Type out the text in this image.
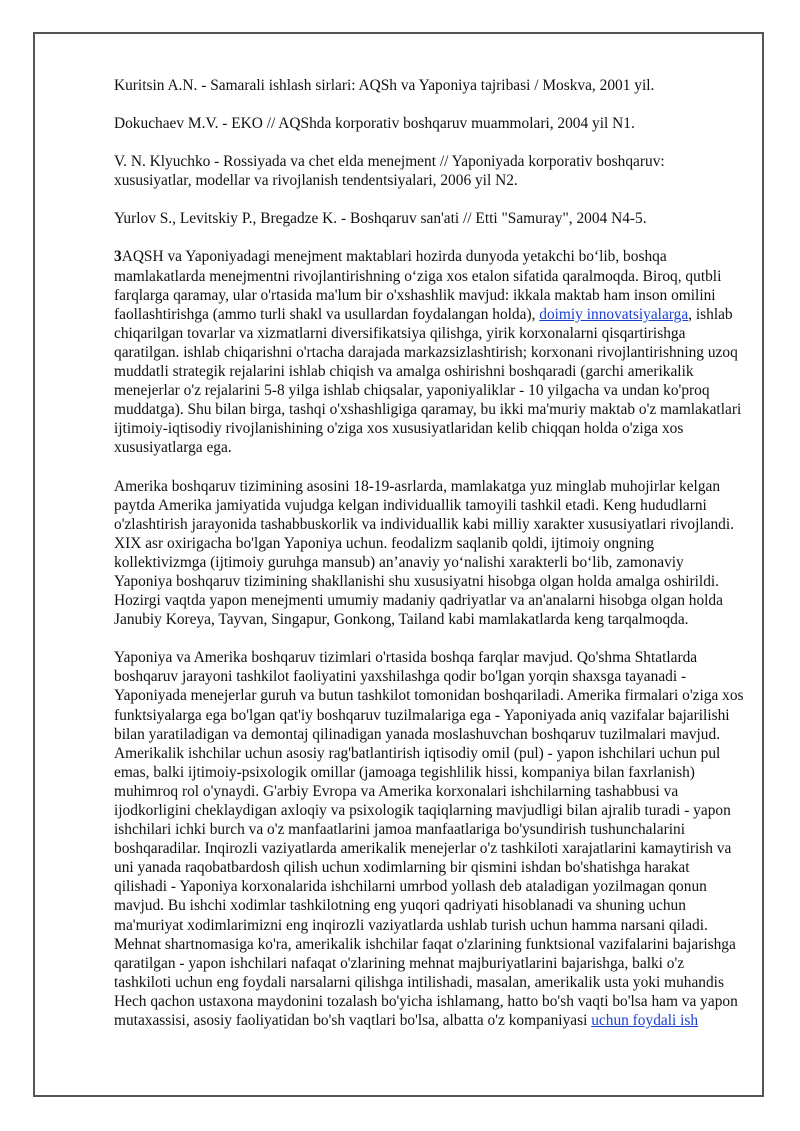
Kuritsin A.N. - Samarali ishlash sirlari: AQSh va Yaponiya tajribasi / Moskva, 2001 yil.

Dokuchaev M.V. - EKO // AQShda korporativ boshqaruv muammolari, 2004 yil N1.

V. N. Klyuchko - Rossiyada va chet elda menejment // Yaponiyada korporativ boshqaruv: xususiyatlar, modellar va rivojlanish tendentsiyalari, 2006 yil N2.

Yurlov S., Levitskiy P., Bregadze K. - Boshqaruv san'ati // Etti "Samuray", 2004 N4-5.

3AQSH va Yaponiyadagi menejment maktablari hozirda dunyoda yetakchi bo‘lib, boshqa mamlakatlarda menejmentni rivojlantirishning o‘ziga xos etalon sifatida qaralmoqda. Biroq, qutbli farqlarga qaramay, ular o'rtasida ma'lum bir o'xshashlik mavjud: ikkala maktab ham inson omilini faollashtirishga (ammo turli shakl va usullardan foydalangan holda), doimiy innovatsiyalarga, ishlab chiqarilgan tovarlar va xizmatlarni diversifikatsiya qilishga, yirik korxonalarni qisqartirishga qaratilgan. ishlab chiqarishni o'rtacha darajada markazsizlashtirish; korxonani rivojlantirishning uzoq muddatli strategik rejalarini ishlab chiqish va amalga oshirishni boshqaradi (garchi amerikalik menejerlar o'z rejalarini 5-8 yilga ishlab chiqsalar, yaponiyaliklar - 10 yilgacha va undan ko'proq muddatga). Shu bilan birga, tashqi o'xshashligiga qaramay, bu ikki ma'muriy maktab o'z mamlakatlari ijtimoiy-iqtisodiy rivojlanishining o'ziga xos xususiyatlaridan kelib chiqqan holda o'ziga xos xususiyatlarga ega.

Amerika boshqaruv tizimining asosini 18-19-asrlarda, mamlakatga yuz minglab muhojirlar kelgan paytda Amerika jamiyatida vujudga kelgan individuallik tamoyili tashkil etadi. Keng hududlarni o'zlashtirish jarayonida tashabbuskorlik va individuallik kabi milliy xarakter xususiyatlari rivojlandi. XIX asr oxirigacha bo'lgan Yaponiya uchun. feodalizm saqlanib qoldi, ijtimoiy ongning kollektivizmga (ijtimoiy guruhga mansub) an’anaviy yo‘nalishi xarakterli bo‘lib, zamonaviy Yaponiya boshqaruv tizimining shakllanishi shu xususiyatni hisobga olgan holda amalga oshirildi. Hozirgi vaqtda yapon menejmenti umumiy madaniy qadriyatlar va an'analarni hisobga olgan holda Janubiy Koreya, Tayvan, Singapur, Gonkong, Tailand kabi mamlakatlarda keng tarqalmoqda.

Yaponiya va Amerika boshqaruv tizimlari o'rtasida boshqa farqlar mavjud. Qo'shma Shtatlarda boshqaruv jarayoni tashkilot faoliyatini yaxshilashga qodir bo'lgan yorqin shaxsga tayanadi - Yaponiyada menejerlar guruh va butun tashkilot tomonidan boshqariladi. Amerika firmalari o'ziga xos funktsiyalarga ega bo'lgan qat'iy boshqaruv tuzilmalariga ega - Yaponiyada aniq vazifalar bajarilishi bilan yaratiladigan va demontaj qilinadigan yanada moslashuvchan boshqaruv tuzilmalari mavjud. Amerikalik ishchilar uchun asosiy rag'batlantirish iqtisodiy omil (pul) - yapon ishchilari uchun pul emas, balki ijtimoiy-psixologik omillar (jamoaga tegishlilik hissi, kompaniya bilan faxrlanish) muhimroq rol o'ynaydi. G'arbiy Evropa va Amerika korxonalari ishchilarning tashabbusi va ijodkorligini cheklaydigan axloqiy va psixologik taqiqlarning mavjudligi bilan ajralib turadi - yapon ishchilari ichki burch va o'z manfaatlarini jamoa manfaatlariga bo'ysundirish tushunchalarini boshqaradilar. Inqirozli vaziyatlarda amerikalik menejerlar o'z tashkiloti xarajatlarini kamaytirish va uni yanada raqobatbardosh qilish uchun xodimlarning bir qismini ishdan bo'shatishga harakat qilishadi - Yaponiya korxonalarida ishchilarni umrbod yollash deb ataladigan yozilmagan qonun mavjud. Bu ishchi xodimlar tashkilotning eng yuqori qadriyati hisoblanadi va shuning uchun ma'muriyat xodimlarimizni eng inqirozli vaziyatlarda ushlab turish uchun hamma narsani qiladi. Mehnat shartnomasiga ko'ra, amerikalik ishchilar faqat o'zlarining funktsional vazifalarini bajarishga qaratilgan - yapon ishchilari nafaqat o'zlarining mehnat majburiyatlarini bajarishga, balki o'z tashkiloti uchun eng foydali narsalarni qilishga intilishadi, masalan, amerikalik usta yoki muhandis Hech qachon ustaxona maydonini tozalash bo'yicha ishlamang, hatto bo'sh vaqti bo'lsa ham va yapon mutaxassisi, asosiy faoliyatidan bo'sh vaqtlari bo'lsa, albatta o'z kompaniyasi uchun foydali ish
